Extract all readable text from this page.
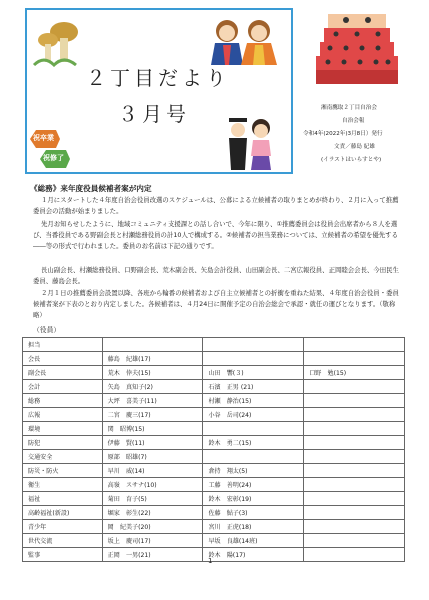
２丁目だより
３月号
祝卒業
祝修了
湘南鷹取２丁目自治会
自治会報
令和4年(2022年)3月8日）発行
文責／藤島 紀雄
(イラストはいらすとや)
《総務》来年度役員候補者案が内定
１月にスタートした４年度自治会役員改選のスケジュールは、公募による立候補者の取りまとめが終わり、２月に入って推薦委員会の活動が始まりました。
先月お知らせしたように、地域コミュニティ支援課との話し合いで、今年に限り、①推薦委員会は役員会出席者から８人を選び、当番役員である野副会長と村瀬総務役員の計10人で構成する。②候補者の担当業務については、立候補者の希望を優先する――等の形式で行われました。委員のお名前は下記の通りです。
長山副会長、村瀬総務役員、口野副会長、荒木副会長、矢島会計役員、山田副会長、二宮広報役員、正岡睦会会長、今田民生委員、藤島会長。
２月１日の推薦委員会設置以降、各班から輪番の候補者および自主立候補者との折衝を重ねた結果、４年度自治会役員・委員候補者案が下表のとおり内定しました。各候補者は、４月24日に開催予定の自治会総会で承認・就任の運びとなります。（敬称略）
（役員）
担当			
会長	藤島　紀雄(17)		
副会長	荒木　倖夫(15)	山田　響(３)	口野　勉(15)
会計	矢島　真知子(2)	石濱　正男 (21)	
総務	大坪　喜美子(11)	村瀬　静治(15)	
広報	二宮　慶三(17)	小谷　岳司(24)	
環境	関　昭博(15)		
防犯	伊藤　賢(11)	鈴木　勇二(15)	
交通安全	原部　昭雄(7)		
防災・防火	早川　威(14)	倉持　翔太(5)	
衛生	高嶺　スサナ(10)	工藤　善明(24)	
福祉	菊田　育子(5)	鈴木　宏彰(19)	
高齢福祉(新設)	堀家　彰生(22)	佐藤　鮎子(3)	
青少年	岡　紀美子(20)	宮川　正虎(18)	
世代交流	坂上　慶司(17)	早坂　良雄(14班)	
監事	正岡　一男(21)	鈴木　陽(17)	
1
